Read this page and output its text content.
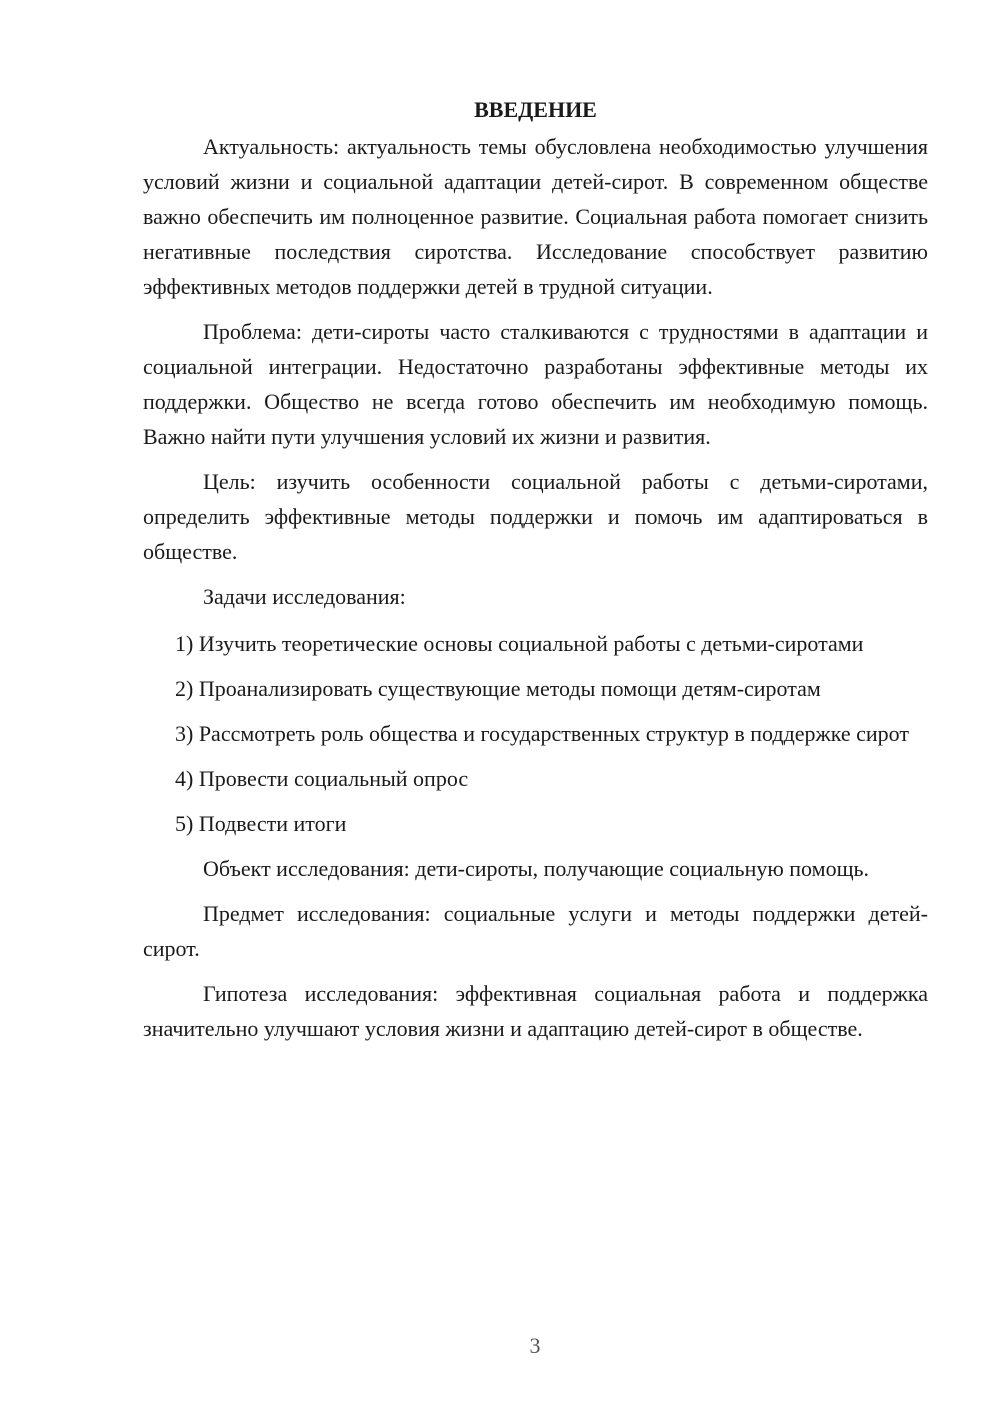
ВВЕДЕНИЕ

Актуальность: актуальность темы обусловлена необходимостью улучшения условий жизни и социальной адаптации детей-сирот. В современном обществе важно обеспечить им полноценное развитие. Социальная работа помогает снизить негативные последствия сиротства. Исследование способствует развитию эффективных методов поддержки детей в трудной ситуации.

Проблема: дети-сироты часто сталкиваются с трудностями в адаптации и социальной интеграции. Недостаточно разработаны эффективные методы их поддержки. Общество не всегда готово обеспечить им необходимую помощь. Важно найти пути улучшения условий их жизни и развития.

Цель: изучить особенности социальной работы с детьми-сиротами, определить эффективные методы поддержки и помочь им адаптироваться в обществе.

Задачи исследования:

1) Изучить теоретические основы социальной работы с детьми-сиротами

2) Проанализировать существующие методы помощи детям-сиротам

3) Рассмотреть роль общества и государственных структур в поддержке сирот

4) Провести социальный опрос

5) Подвести итоги

Объект исследования: дети-сироты, получающие социальную помощь.

Предмет исследования: социальные услуги и методы поддержки детей-сирот.

Гипотеза исследования: эффективная социальная работа и поддержка значительно улучшают условия жизни и адаптацию детей-сирот в обществе.

3
